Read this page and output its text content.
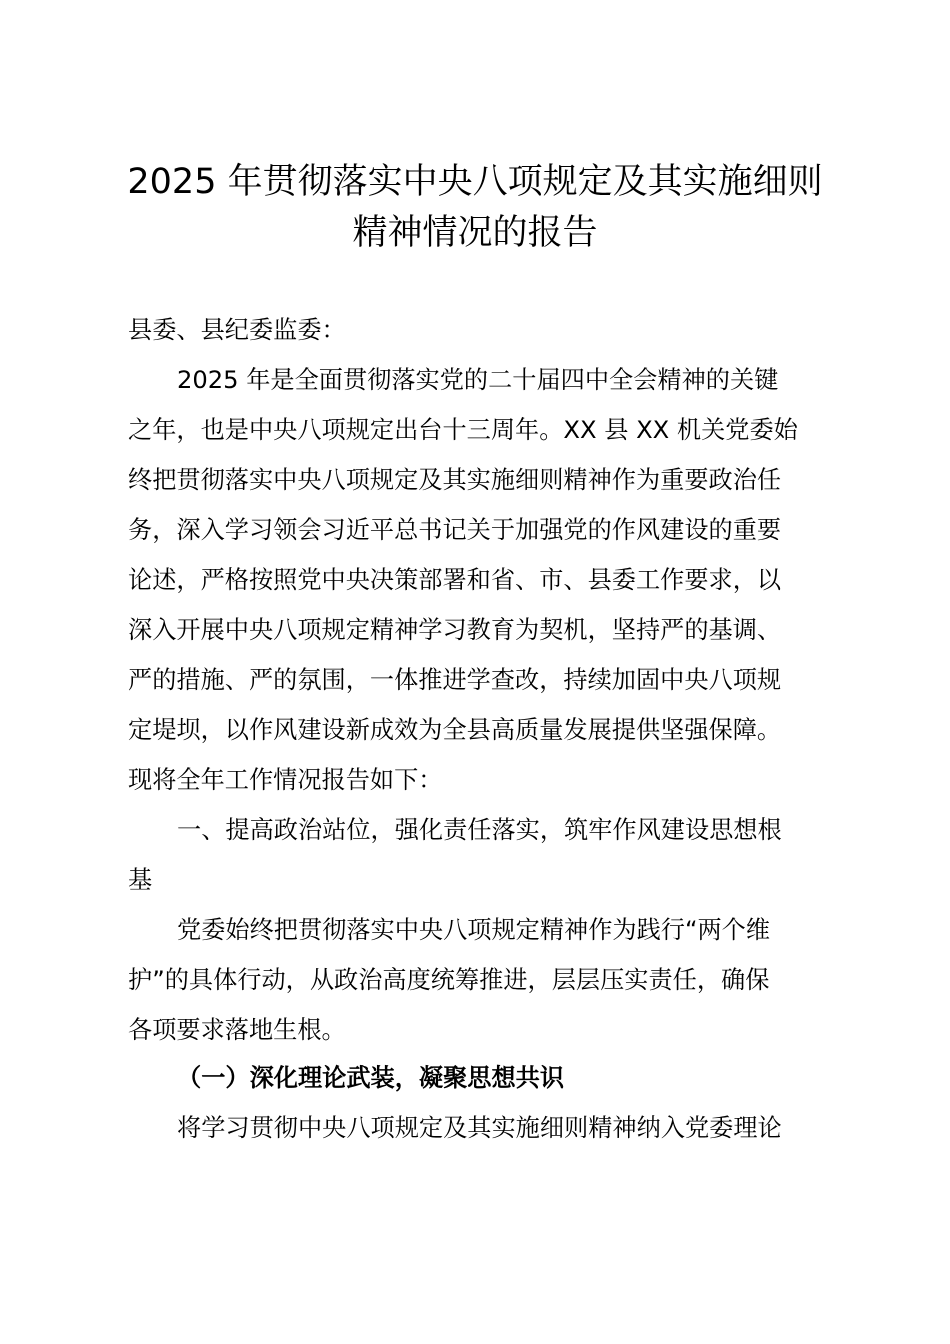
2025 年贯彻落实中央八项规定及其实施细则
精神情况的报告
县委、县纪委监委：
2025 年是全面贯彻落实党的二十届四中全会精神的关键
之年，也是中央八项规定出台十三周年。XX 县 XX 机关党委始
终把贯彻落实中央八项规定及其实施细则精神作为重要政治任
务，深入学习领会习近平总书记关于加强党的作风建设的重要
论述，严格按照党中央决策部署和省、市、县委工作要求，以
深入开展中央八项规定精神学习教育为契机，坚持严的基调、
严的措施、严的氛围，一体推进学查改，持续加固中央八项规
定堤坝，以作风建设新成效为全县高质量发展提供坚强保障。
现将全年工作情况报告如下：
一、提高政治站位，强化责任落实，筑牢作风建设思想根
基
党委始终把贯彻落实中央八项规定精神作为践行“两个维
护”的具体行动，从政治高度统筹推进，层层压实责任，确保
各项要求落地生根。
（一）深化理论武装，凝聚思想共识
将学习贯彻中央八项规定及其实施细则精神纳入党委理论
